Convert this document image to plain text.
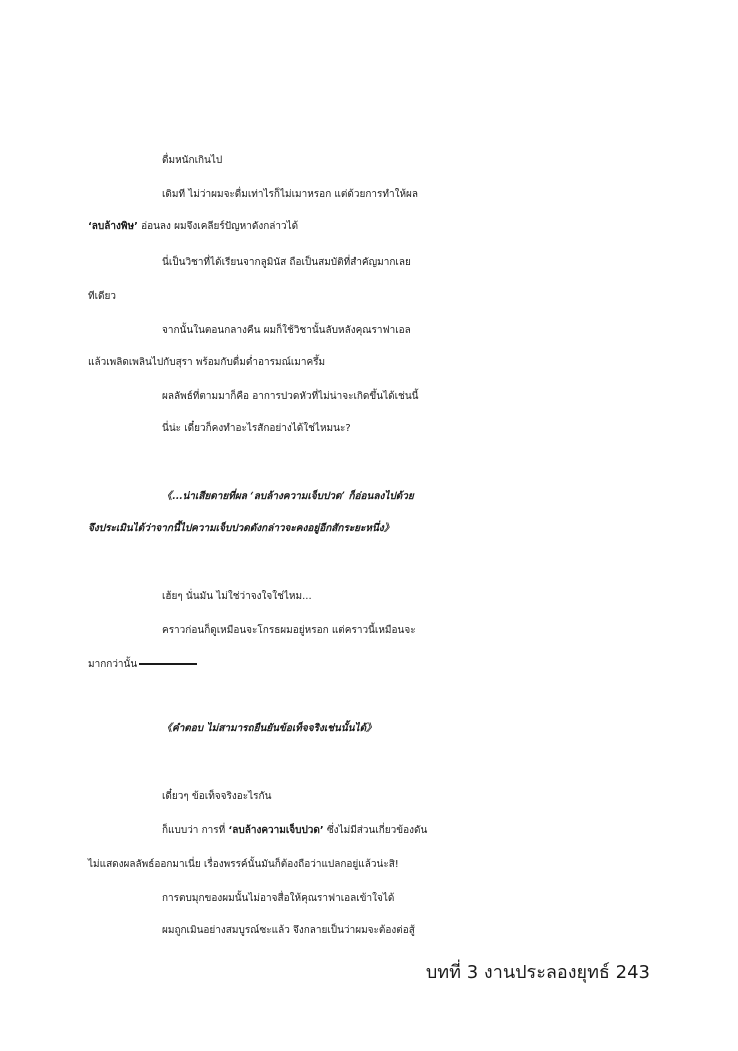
ดื่มหนักเกินไป
เดิมที ไม่ว่าผมจะดื่มเท่าไรก็ไม่เมาหรอก แต่ด้วยการทำให้ผล
‘ลบล้างพิษ’ อ่อนลง ผมจึงเคลียร์ปัญหาดังกล่าวได้
นี่เป็นวิชาที่ได้เรียนจากลูมินัส ถือเป็นสมบัติที่สำคัญมากเลย
ทีเดียว
จากนั้นในตอนกลางคืน ผมก็ใช้วิชานั้นลับหลังคุณราฟาเอล
แล้วเพลิดเพลินไปกับสุรา พร้อมกับดื่มด่ำอารมณ์เมาครึ้ม
ผลลัพธ์ที่ตามมาก็คือ อาการปวดหัวที่ไม่น่าจะเกิดขึ้นได้เช่นนี้
นี่น่ะ เดี๋ยวก็คงทำอะไรสักอย่างได้ใช่ไหมนะ?
《...น่าเสียดายที่ผล ‘ลบล้างความเจ็บปวด’ ก็อ่อนลงไปด้วย
จึงประเมินได้ว่าจากนี้ไปความเจ็บปวดดังกล่าวจะคงอยู่อีกสักระยะหนึ่ง》
เฮ้ยๆ นั่นมัน ไม่ใช่ว่าจงใจใช่ไหม...
คราวก่อนก็ดูเหมือนจะโกรธผมอยู่หรอก แต่คราวนี้เหมือนจะ
มากกว่านั้น
《คำตอบ ไม่สามารถยืนยันข้อเท็จจริงเช่นนั้นได้》
เดี๋ยวๆ ข้อเท็จจริงอะไรกัน
ก็แบบว่า การที่ ‘ลบล้างความเจ็บปวด’ ซึ่งไม่มีส่วนเกี่ยวข้องดัน
ไม่แสดงผลลัพธ์ออกมาเนี่ย เรื่องพรรค์นั้นมันก็ต้องถือว่าแปลกอยู่แล้วน่ะสิ!
การตบมุกของผมนั้นไม่อาจสื่อให้คุณราฟาเอลเข้าใจได้
ผมถูกเมินอย่างสมบูรณ์ซะแล้ว จึงกลายเป็นว่าผมจะต้องต่อสู้
บทที่ 3 งานประลองยุทธ์ 243
